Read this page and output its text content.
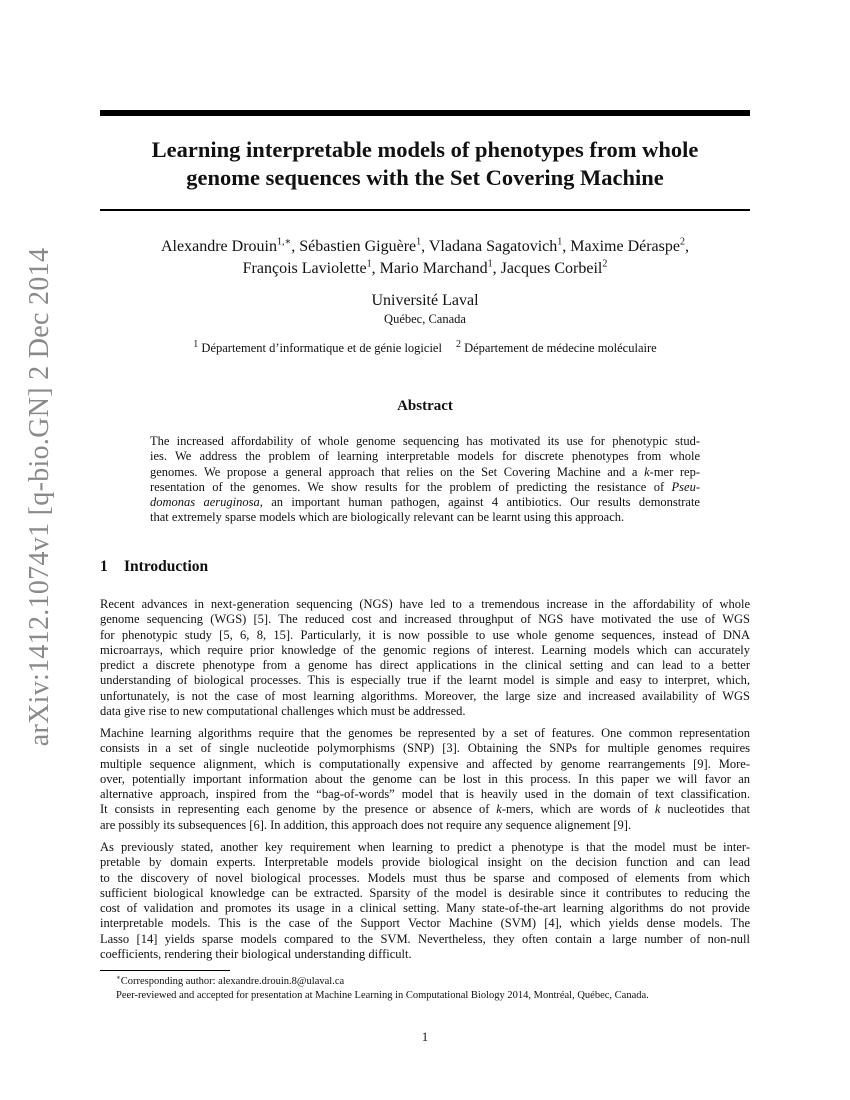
arXiv:1412.1074v1 [q-bio.GN] 2 Dec 2014
Learning interpretable models of phenotypes from whole
genome sequences with the Set Covering Machine
Alexandre Drouin$^{1,∗}$, Sébastien Giguère$^1$, Vladana Sagatovich$^1$, Maxime Déraspe$^2$,
François Laviolette$^1$, Mario Marchand$^1$, Jacques Corbeil$^2$
Université Laval
Québec, Canada
$^1$ Département d’informatique et de génie logiciel $^2$ Département de médecine moléculaire
Abstract
The increased affordability of whole genome sequencing has motivated its use for phenotypic stud-
ies. We address the problem of learning interpretable models for discrete phenotypes from whole
genomes. We propose a general approach that relies on the Set Covering Machine and a k-mer rep-
resentation of the genomes. We show results for the problem of predicting the resistance of Pseu-
domonas aeruginosa, an important human pathogen, against 4 antibiotics. Our results demonstrate
that extremely sparse models which are biologically relevant can be learnt using this approach.
1 Introduction
Recent advances in next-generation sequencing (NGS) have led to a tremendous increase in the affordability of whole
genome sequencing (WGS) [5]. The reduced cost and increased throughput of NGS have motivated the use of WGS
for phenotypic study [5, 6, 8, 15]. Particularly, it is now possible to use whole genome sequences, instead of DNA
microarrays, which require prior knowledge of the genomic regions of interest. Learning models which can accurately
predict a discrete phenotype from a genome has direct applications in the clinical setting and can lead to a better
understanding of biological processes. This is especially true if the learnt model is simple and easy to interpret, which,
unfortunately, is not the case of most learning algorithms. Moreover, the large size and increased availability of WGS
data give rise to new computational challenges which must be addressed.
Machine learning algorithms require that the genomes be represented by a set of features. One common representation
consists in a set of single nucleotide polymorphisms (SNP) [3]. Obtaining the SNPs for multiple genomes requires
multiple sequence alignment, which is computationally expensive and affected by genome rearrangements [9]. More-
over, potentially important information about the genome can be lost in this process. In this paper we will favor an
alternative approach, inspired from the “bag-of-words” model that is heavily used in the domain of text classification.
It consists in representing each genome by the presence or absence of k-mers, which are words of k nucleotides that
are possibly its subsequences [6]. In addition, this approach does not require any sequence alignement [9].
As previously stated, another key requirement when learning to predict a phenotype is that the model must be inter-
pretable by domain experts. Interpretable models provide biological insight on the decision function and can lead
to the discovery of novel biological processes. Models must thus be sparse and composed of elements from which
sufficient biological knowledge can be extracted. Sparsity of the model is desirable since it contributes to reducing the
cost of validation and promotes its usage in a clinical setting. Many state-of-the-art learning algorithms do not provide
interpretable models. This is the case of the Support Vector Machine (SVM) [4], which yields dense models. The
Lasso [14] yields sparse models compared to the SVM. Nevertheless, they often contain a large number of non-null
coefficients, rendering their biological understanding difficult.
∗Corresponding author: alexandre.drouin.8@ulaval.ca
Peer-reviewed and accepted for presentation at Machine Learning in Computational Biology 2014, Montréal, Québec, Canada.
1
